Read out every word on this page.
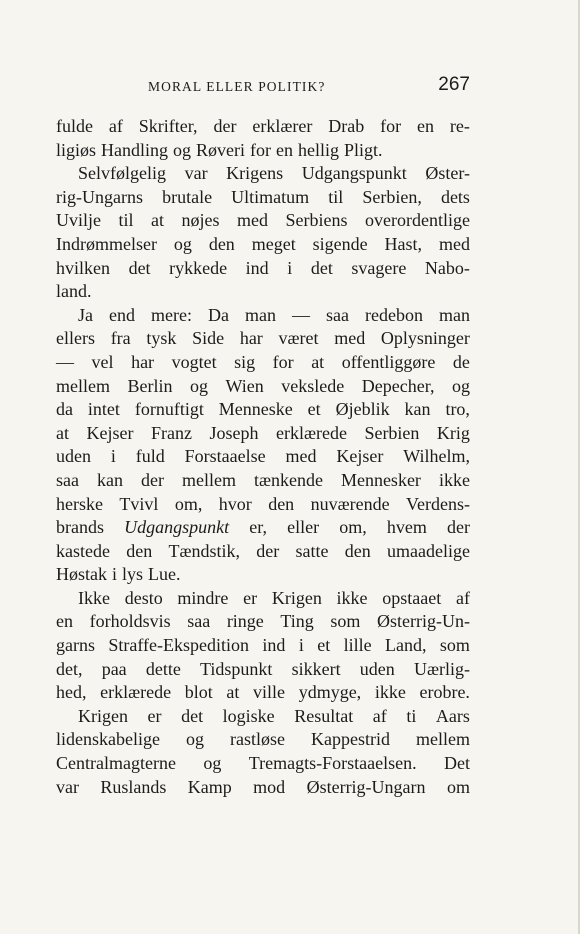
MORAL ELLER POLITIK?	267
fulde af Skrifter, der erklærer Drab for en re-
ligiøs Handling og Røveri for en hellig Pligt.
Selvfølgelig var Krigens Udgangspunkt Øster-
rig-Ungarns brutale Ultimatum til Serbien, dets
Uvilje til at nøjes med Serbiens overordentlige
Indrømmelser og den meget sigende Hast, med
hvilken det rykkede ind i det svagere Nabo-
land.
Ja end mere: Da man — saa redebon man
ellers fra tysk Side har været med Oplysninger
— vel har vogtet sig for at offentliggøre de
mellem Berlin og Wien vekslede Depecher, og
da intet fornuftigt Menneske et Øjeblik kan tro,
at Kejser Franz Joseph erklærede Serbien Krig
uden i fuld Forstaaelse med Kejser Wilhelm,
saa kan der mellem tænkende Mennesker ikke
herske Tvivl om, hvor den nuværende Verdens-
brands Udgangspunkt er, eller om, hvem der
kastede den Tændstik, der satte den umaadelige
Høstak i lys Lue.
Ikke desto mindre er Krigen ikke opstaaet af
en forholdsvis saa ringe Ting som Østerrig-Un-
garns Straffe-Ekspedition ind i et lille Land, som
det, paa dette Tidspunkt sikkert uden Uærlig-
hed, erklærede blot at ville ydmyge, ikke erobre.
Krigen er det logiske Resultat af ti Aars
lidenskabelige og rastløse Kappestrid mellem
Centralmagterne og Tremagts-Forstaaelsen. Det
var Ruslands Kamp mod Østerrig-Ungarn om
